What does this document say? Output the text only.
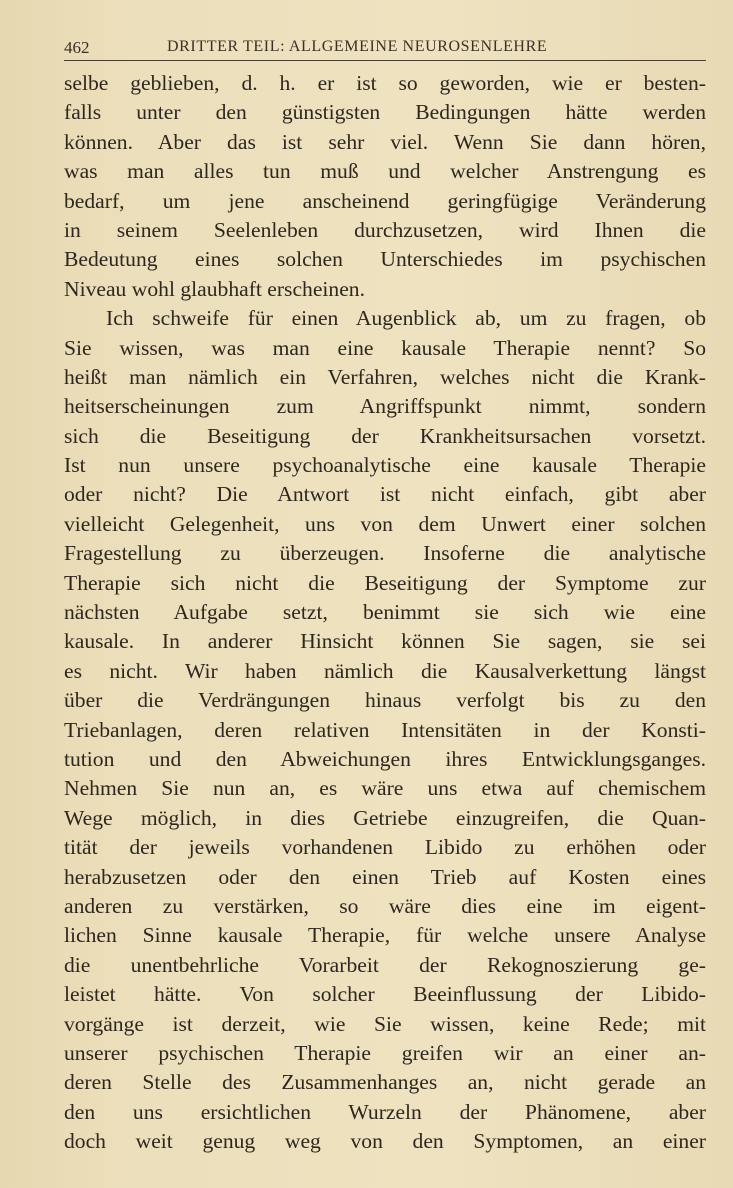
462	DRITTER TEIL: ALLGEMEINE NEUROSENLEHRE
selbe geblieben, d. h. er ist so geworden, wie er besten-
falls unter den günstigsten Bedingungen hätte werden
können. Aber das ist sehr viel. Wenn Sie dann hören,
was man alles tun muß und welcher Anstrengung es
bedarf, um jene anscheinend geringfügige Veränderung
in seinem Seelenleben durchzusetzen, wird Ihnen die
Bedeutung eines solchen Unterschiedes im psychischen
Niveau wohl glaubhaft erscheinen.
Ich schweife für einen Augenblick ab, um zu fragen, ob
Sie wissen, was man eine kausale Therapie nennt? So
heißt man nämlich ein Verfahren, welches nicht die Krank-
heitserscheinungen zum Angriffspunkt nimmt, sondern
sich die Beseitigung der Krankheitsursachen vorsetzt.
Ist nun unsere psychoanalytische eine kausale Therapie
oder nicht? Die Antwort ist nicht einfach, gibt aber
vielleicht Gelegenheit, uns von dem Unwert einer solchen
Fragestellung zu überzeugen. Insoferne die analytische
Therapie sich nicht die Beseitigung der Symptome zur
nächsten Aufgabe setzt, benimmt sie sich wie eine
kausale. In anderer Hinsicht können Sie sagen, sie sei
es nicht. Wir haben nämlich die Kausalverkettung längst
über die Verdrängungen hinaus verfolgt bis zu den
Triebanlagen, deren relativen Intensitäten in der Konsti-
tution und den Abweichungen ihres Entwicklungsganges.
Nehmen Sie nun an, es wäre uns etwa auf chemischem
Wege möglich, in dies Getriebe einzugreifen, die Quan-
tität der jeweils vorhandenen Libido zu erhöhen oder
herabzusetzen oder den einen Trieb auf Kosten eines
anderen zu verstärken, so wäre dies eine im eigent-
lichen Sinne kausale Therapie, für welche unsere Analyse
die unentbehrliche Vorarbeit der Rekognoszierung ge-
leistet hätte. Von solcher Beeinflussung der Libido-
vorgänge ist derzeit, wie Sie wissen, keine Rede; mit
unserer psychischen Therapie greifen wir an einer an-
deren Stelle des Zusammenhanges an, nicht gerade an
den uns ersichtlichen Wurzeln der Phänomene, aber
doch weit genug weg von den Symptomen, an einer
